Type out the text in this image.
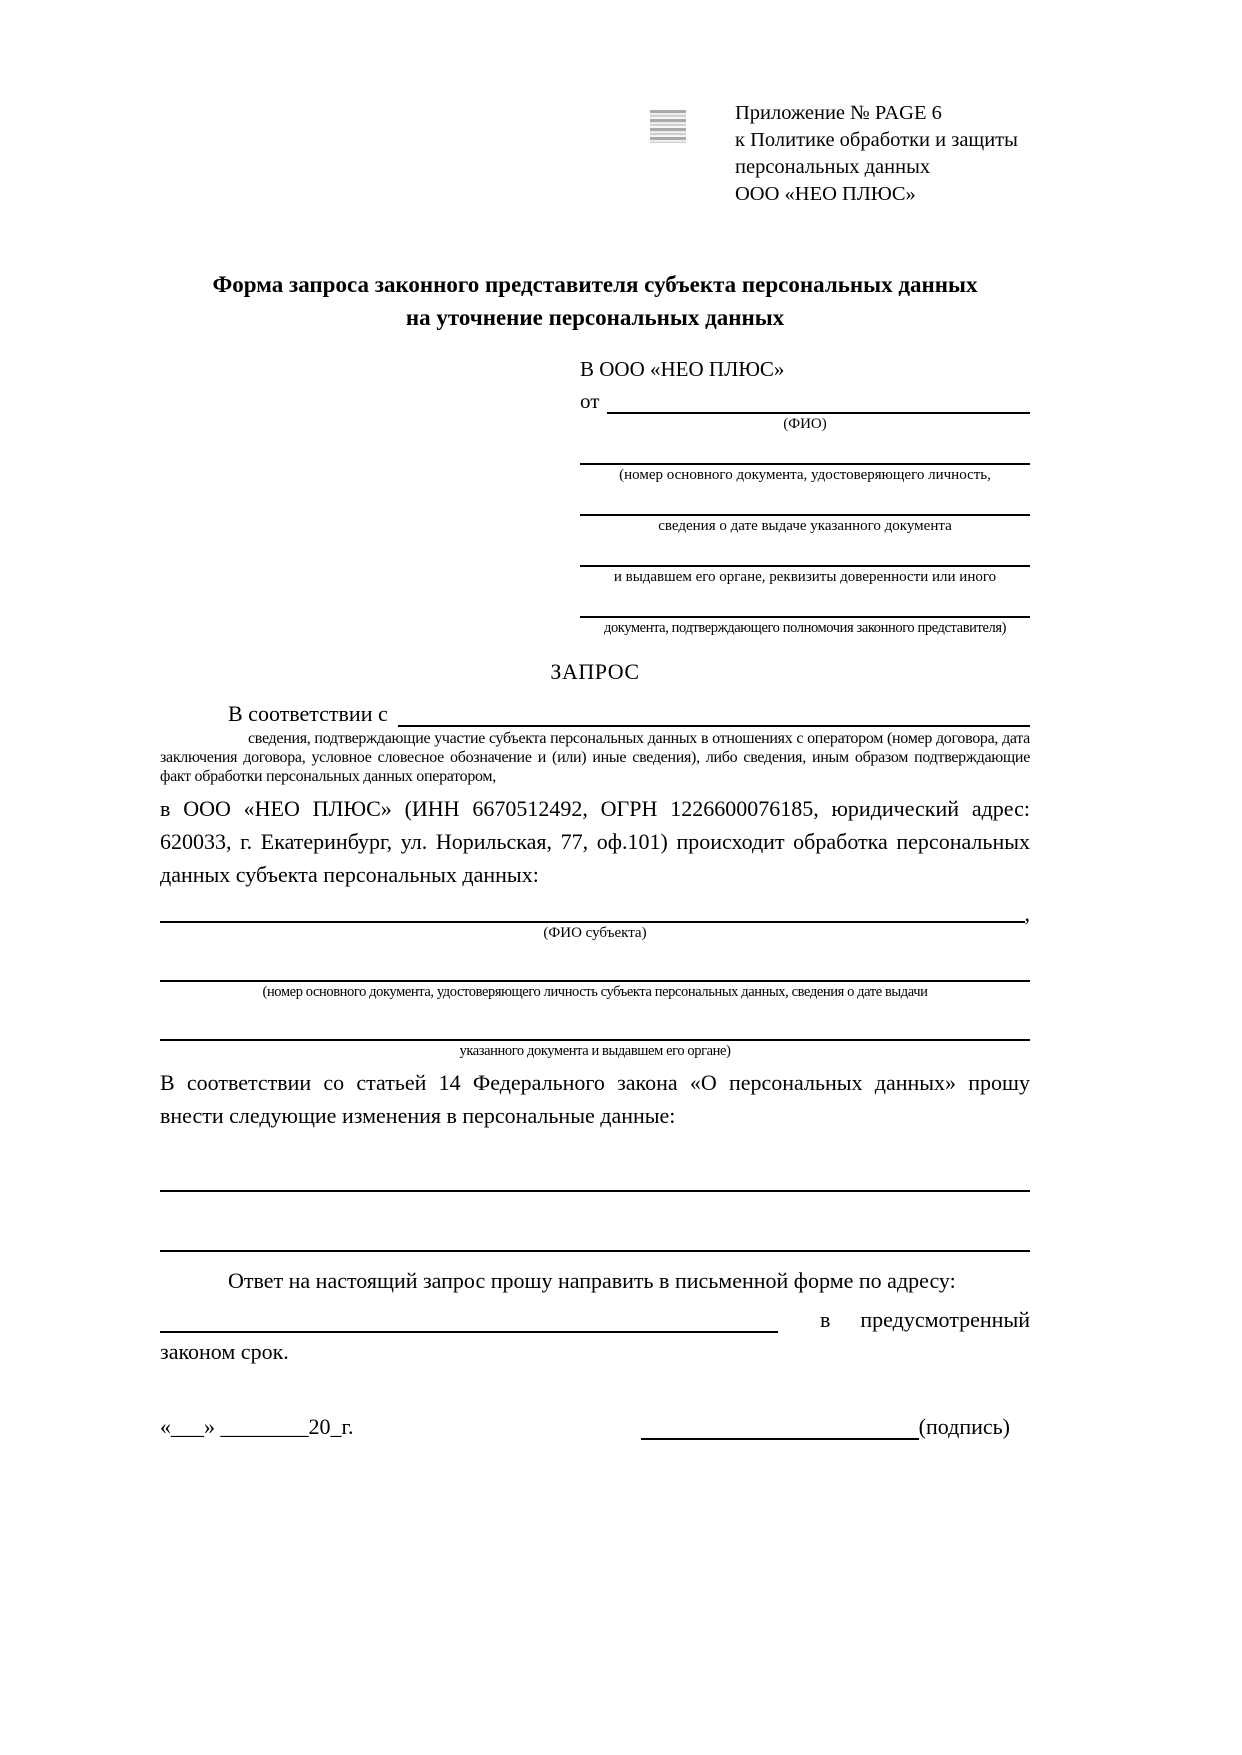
Приложение № PAGE 6
к Политике обработки и защиты
персональных данных
ООО «НЕО ПЛЮС»
Форма запроса законного представителя субъекта персональных данных
на уточнение персональных данных
В ООО «НЕО ПЛЮС»
от
(ФИО)
(номер основного документа, удостоверяющего личность,
сведения о дате выдаче указанного документа
и выдавшем его органе, реквизиты доверенности или иного
документа, подтверждающего полномочия законного представителя)
ЗАПРОС
В соответствии с

сведения, подтверждающие участие субъекта персональных данных в отношениях с оператором (номер договора, дата заключения договора, условное словесное обозначение и (или) иные сведения), либо сведения, иным образом подтверждающие факт обработки персональных данных оператором,

в ООО «НЕО ПЛЮС» (ИНН 6670512492, ОГРН 1226600076185, юридический адрес: 620033, г. Екатеринбург, ул. Норильская, 77, оф.101) происходит обработка персональных данных субъекта персональных данных:

,
(ФИО субъекта)
(номер основного документа, удостоверяющего личность субъекта персональных данных, сведения о дате выдачи
указанного документа и выдавшем его органе)

В соответствии со статьей 14 Федерального закона «О персональных данных» прошу внести следующие изменения в персональные данные:

Ответ на настоящий запрос прошу направить в письменной форме по адресу:

в предусмотренный
законом срок.
«___» ________20_г.	(подпись)
